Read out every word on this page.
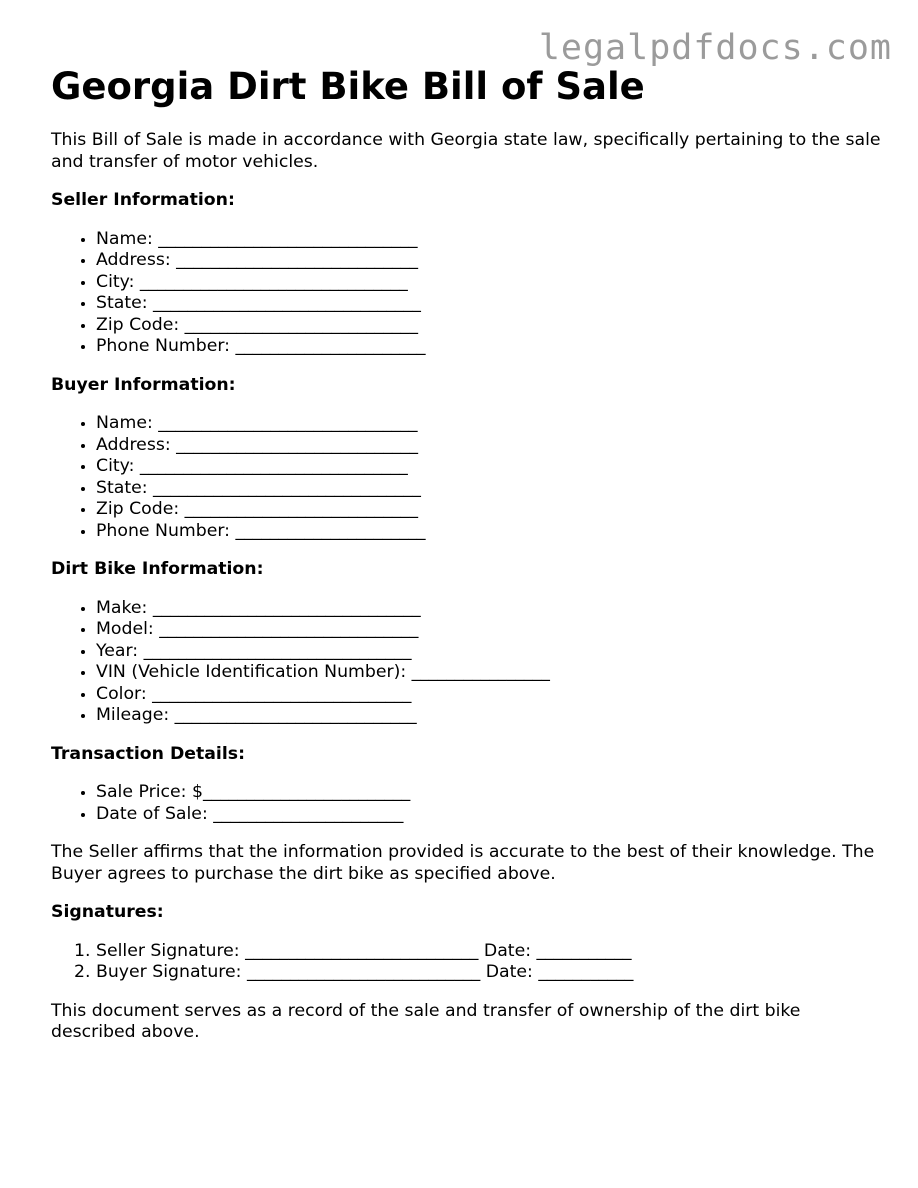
legalpdfdocs.com
Georgia Dirt Bike Bill of Sale

This Bill of Sale is made in accordance with Georgia state law, specifically pertaining to the sale and transfer of motor vehicles.

Seller Information:
• Name: ______________________________
• Address: ____________________________
• City: _______________________________
• State: _______________________________
• Zip Code: ___________________________
• Phone Number: ______________________
Buyer Information:
• Name: ______________________________
• Address: ____________________________
• City: _______________________________
• State: _______________________________
• Zip Code: ___________________________
• Phone Number: ______________________
Dirt Bike Information:
• Make: _______________________________
• Model: ______________________________
• Year: _______________________________
• VIN (Vehicle Identification Number): ________________
• Color: ______________________________
• Mileage: ____________________________
Transaction Details:
• Sale Price: $________________________
• Date of Sale: ______________________

The Seller affirms that the information provided is accurate to the best of their knowledge. The Buyer agrees to purchase the dirt bike as specified above.

Signatures:
1. Seller Signature: ___________________________ Date: ___________
2. Buyer Signature: ___________________________ Date: ___________

This document serves as a record of the sale and transfer of ownership of the dirt bike described above.
